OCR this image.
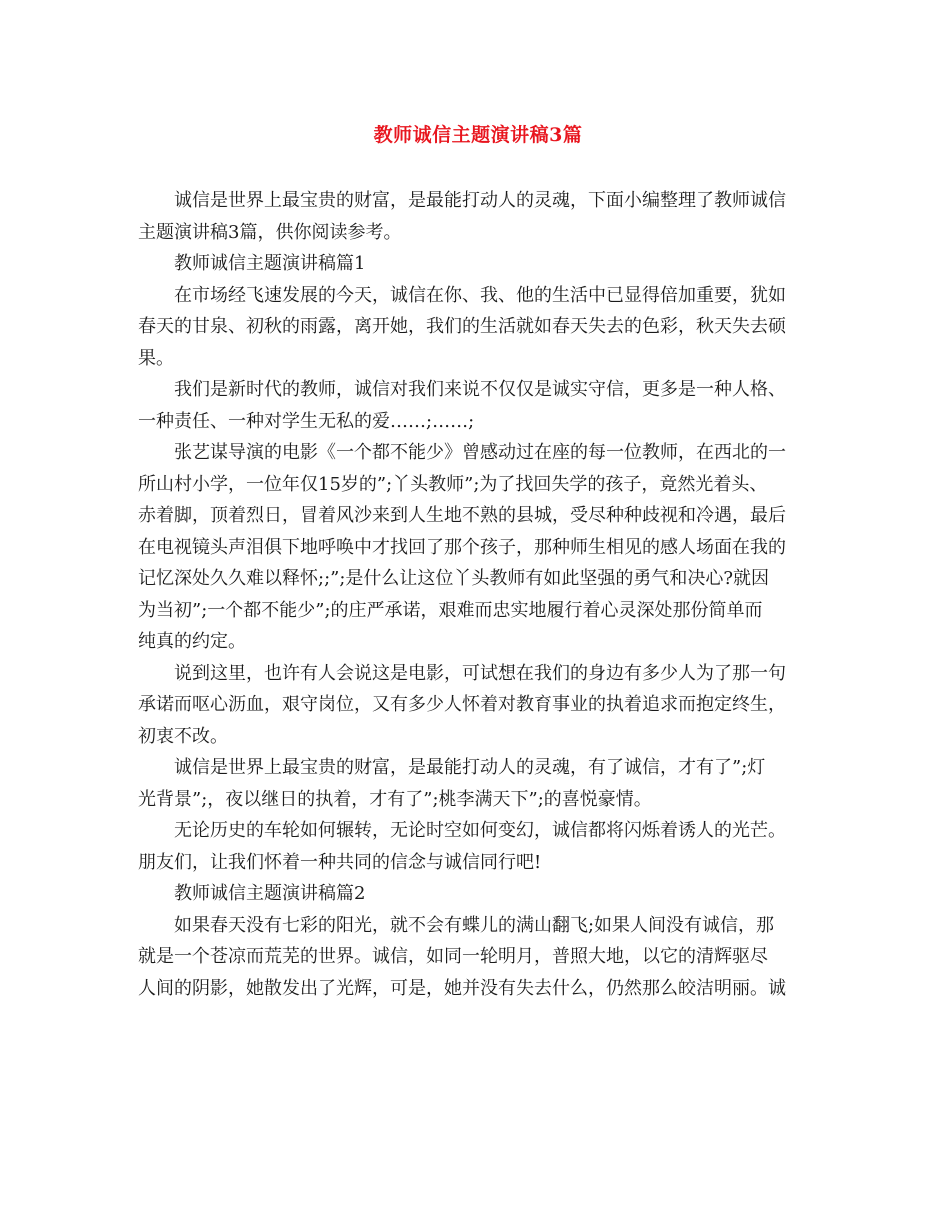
教师诚信主题演讲稿3篇
诚信是世界上最宝贵的财富，是最能打动人的灵魂，下面小编整理了教师诚信
主题演讲稿3篇，供你阅读参考。
教师诚信主题演讲稿篇1
在市场经飞速发展的今天，诚信在你、我、他的生活中已显得倍加重要，犹如
春天的甘泉、初秋的雨露，离开她，我们的生活就如春天失去的色彩，秋天失去硕
果。
我们是新时代的教师，诚信对我们来说不仅仅是诚实守信，更多是一种人格、
一种责任、一种对学生无私的爱……;……;
张艺谋导演的电影《一个都不能少》曾感动过在座的每一位教师，在西北的一
所山村小学，一位年仅15岁的”;丫头教师”;为了找回失学的孩子，竟然光着头、
赤着脚，顶着烈日，冒着风沙来到人生地不熟的县城，受尽种种歧视和冷遇，最后
在电视镜头声泪俱下地呼唤中才找回了那个孩子，那种师生相见的感人场面在我的
记忆深处久久难以释怀;;”;是什么让这位丫头教师有如此坚强的勇气和决心?就因
为当初”;一个都不能少”;的庄严承诺，艰难而忠实地履行着心灵深处那份简单而
纯真的约定。
说到这里，也许有人会说这是电影，可试想在我们的身边有多少人为了那一句
承诺而呕心沥血，艰守岗位，又有多少人怀着对教育事业的执着追求而抱定终生，
初衷不改。
诚信是世界上最宝贵的财富，是最能打动人的灵魂，有了诚信，才有了”;灯
光背景”;，夜以继日的执着，才有了”;桃李满天下”;的喜悦豪情。
无论历史的车轮如何辗转，无论时空如何变幻，诚信都将闪烁着诱人的光芒。
朋友们，让我们怀着一种共同的信念与诚信同行吧!
教师诚信主题演讲稿篇2
如果春天没有七彩的阳光，就不会有蝶儿的满山翻飞;如果人间没有诚信，那
就是一个苍凉而荒芜的世界。诚信，如同一轮明月，普照大地，以它的清辉驱尽
人间的阴影，她散发出了光辉，可是，她并没有失去什么，仍然那么皎洁明丽。诚
